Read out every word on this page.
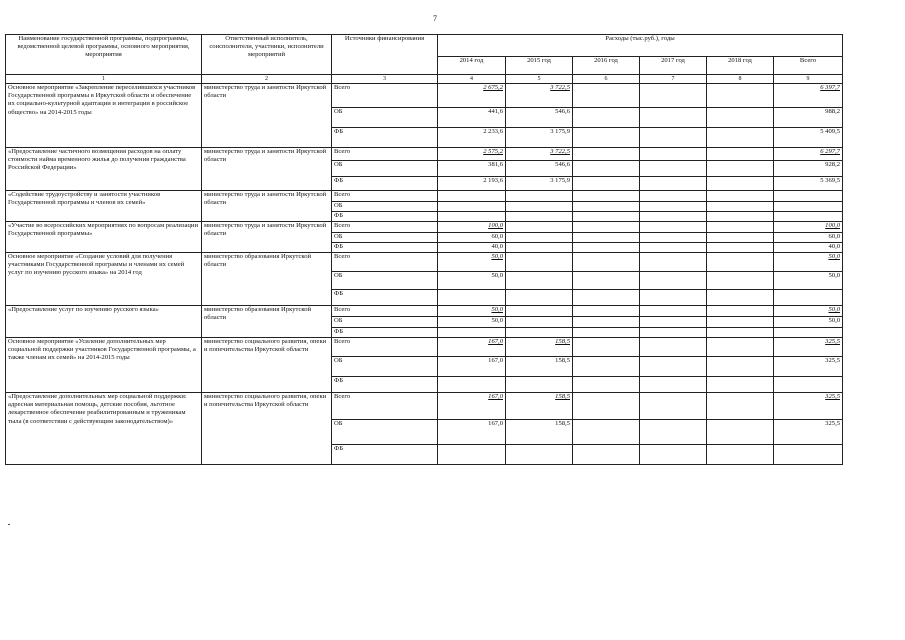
7
Наименование государственной программы, подпрограммы, ведомственной целевой программы, основного мероприятия, мероприятия	Ответственный исполнитель, соисполнители, участники, исполнители мероприятий	Источники финансирования	Расходы (тыс.руб.), годы					
			2014 год	2015 год	2016 год	2017 год	2018 год	Всего
1	2	3	4	5	6	7	8	9
Основное мероприятие «Закрепление переселившихся участников Государственной программы в Иркутской области и обеспечение их социально-культурной адаптации и интеграции в российское общество» на 2014-2015 годы	министерство труда и занятости Иркутской области	Всего	2 675,2	3 722,5				6 397,7
		ОБ	441,6	546,6				988,2
		ФБ	2 233,6	3 175,9				5 409,5
«Предоставление частичного возмещения расходов на оплату стоимости найма временного жилья до получения гражданства Российской Федерации»	министерство труда и занятости Иркутской области	Всего	2 575,2	3 722,5				6 297,7
		ОБ	381,6	546,6				928,2
		ФБ	2 193,6	3 175,9				5 369,5
«Содействие трудоустройству и занятости участников Государственной программы и членов их семей»	министерство труда и занятости Иркутской области	Всего						
		ОБ						
		ФБ						
«Участие во всероссийских мероприятиях по вопросам реализации Государственной программы»	министерство труда и занятости Иркутской области	Всего	100,0					100,0
		ОБ	60,0					60,0
		ФБ	40,0					40,0
Основное мероприятие «Создание условий для получения участниками Государственной программы и членами их семей услуг по изучению русского языка» на 2014 год	министерство образования Иркутской области	Всего	50,0					50,0
		ОБ	50,0					50,0
		ФБ						
«Предоставление услуг по изучению русского языка»	министерство образования Иркутской области	Всего	50,0					50,0
		ОБ	50,0					50,0
		ФБ						
Основное мероприятие «Усиление дополнительных мер социальной поддержки участников Государственной программы, а также членам их семей» на 2014-2015 годы	министерство социального развития, опеки и попечительства Иркутской области	Всего	167,0	158,5				325,5
		ОБ	167,0	158,5				325,5
		ФБ						
«Предоставление дополнительных мер социальной поддержки: адресная материальная помощь, детские пособия, льготное лекарственное обеспечение реабилитированным и труженикам тыла (в соответствии с действующим законодательством)»	министерство социального развития, опеки и попечительства Иркутской области	Всего	167,0	158,5				325,5
		ОБ	167,0	158,5				325,5
		ФБ						
